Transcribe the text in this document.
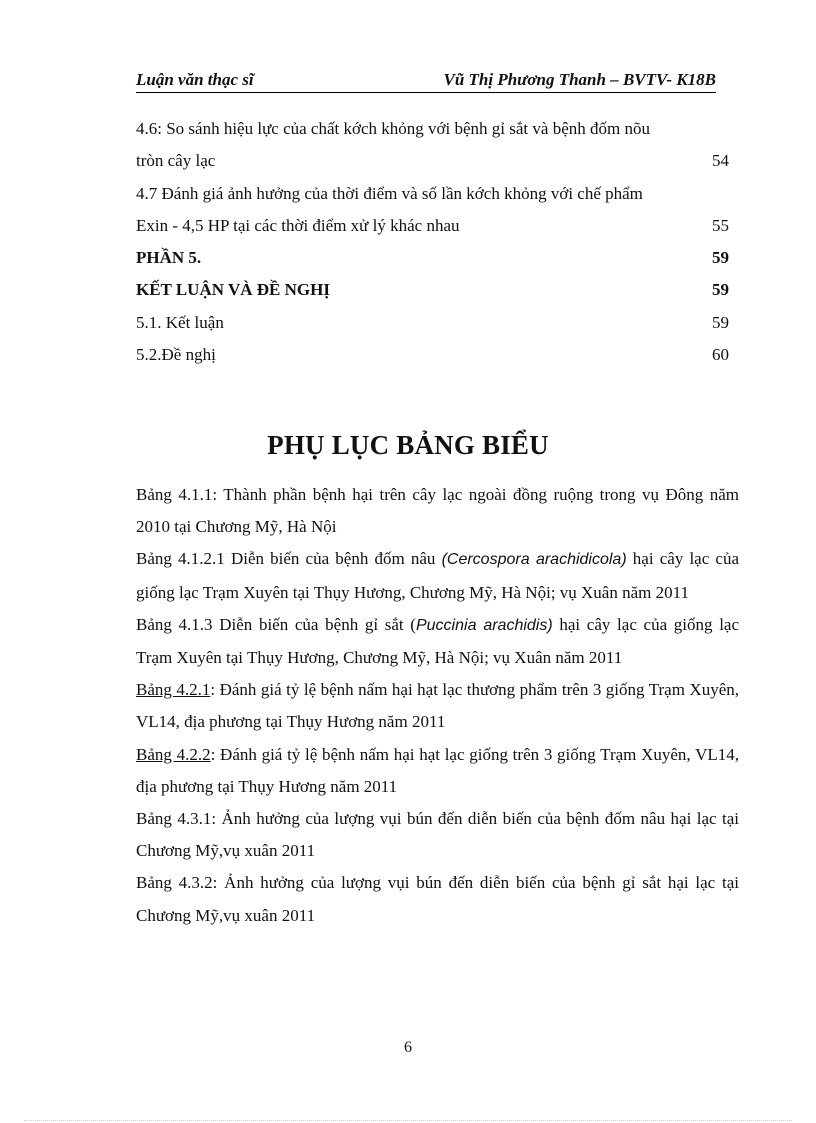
Luận văn thạc sĩ	Vũ Thị Phương Thanh – BVTV- K18B
4.6: So sánh hiệu lực của chất kớch khỏng với bệnh gỉ sắt và bệnh đốm nõu
tròn cây lạc	54
4.7 Đánh giá ảnh hưởng của thời điểm và số lần kớch khỏng với chế phẩm
Exin - 4,5 HP tại các thời điểm xử lý khác nhau	55
PHẦN 5.	59
KẾT LUẬN VÀ ĐỀ NGHỊ	59
5.1. Kết luận	59
5.2.Đề nghị	60
PHỤ LỤC BẢNG BIỂU

Bảng 4.1.1: Thành phần bệnh hại trên cây lạc ngoài đồng ruộng trong vụ Đông năm 2010 tại Chương Mỹ, Hà Nội

Bảng 4.1.2.1 Diễn biến của bệnh đốm nâu (Cercospora arachidicola) hại cây lạc của giống lạc Trạm Xuyên tại Thụy Hương, Chương Mỹ, Hà Nội; vụ Xuân năm 2011

Bảng 4.1.3 Diễn biến của bệnh gỉ sắt (Puccinia arachidis) hại cây lạc của giống lạc Trạm Xuyên tại Thụy Hương, Chương Mỹ, Hà Nội; vụ Xuân năm 2011

Bảng 4.2.1: Đánh giá tỷ lệ bệnh nấm hại hạt lạc thương phẩm trên 3 giống Trạm Xuyên, VL14, địa phương tại Thụy Hương năm 2011

Bảng 4.2.2: Đánh giá tỷ lệ bệnh nấm hại hạt lạc giống trên 3 giống Trạm Xuyên, VL14, địa phương tại Thụy Hương năm 2011

Bảng 4.3.1: Ảnh hưởng của lượng vụi bún đến diễn biến của bệnh đốm nâu hại lạc tại Chương Mỹ,vụ xuân 2011

Bảng 4.3.2: Ảnh hưởng của lượng vụi bún đến diễn biến của bệnh gỉ sắt hại lạc tại Chương Mỹ,vụ xuân 2011

6
